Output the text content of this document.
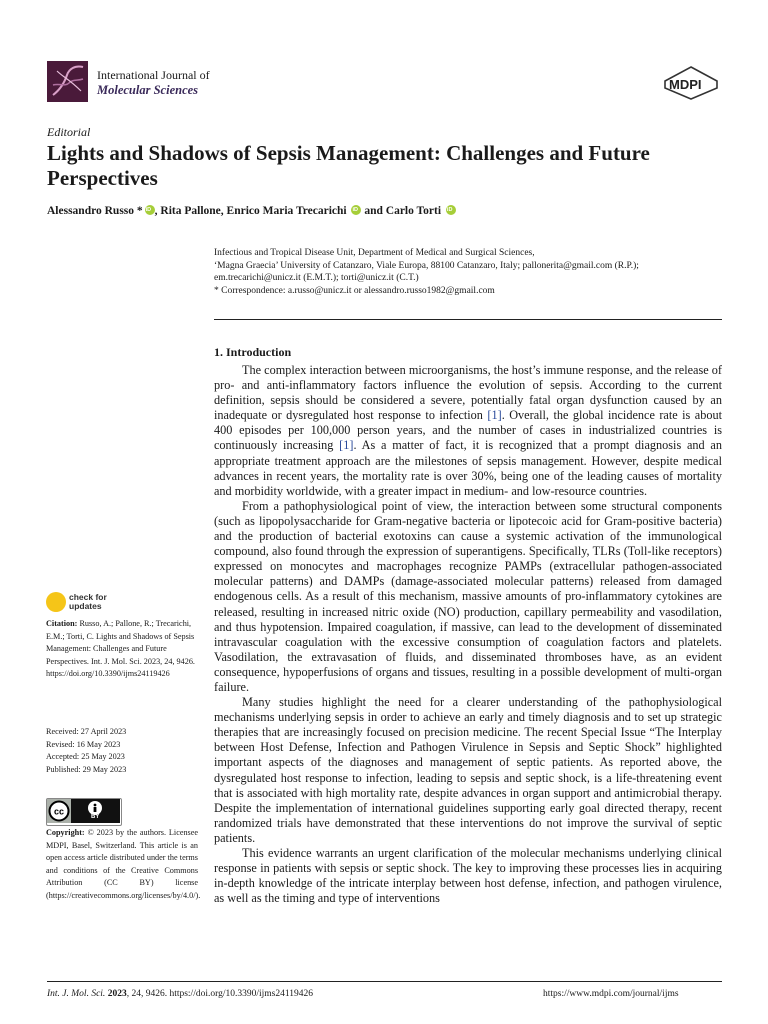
International Journal of
Molecular Sciences	MDPI
Editorial
Lights and Shadows of Sepsis Management: Challenges and Future Perspectives
Alessandro Russo *iD , Rita Pallone, Enrico Maria Trecarichi iD and Carlo Torti iD
Infectious and Tropical Disease Unit, Department of Medical and Surgical Sciences,
‘Magna Graecia’ University of Catanzaro, Viale Europa, 88100 Catanzaro, Italy; pallonerita@gmail.com (R.P.);
em.trecarichi@unicz.it (E.M.T.); torti@unicz.it (C.T.)
* Correspondence: a.russo@unicz.it or alessandro.russo1982@gmail.com
1. Introduction

The complex interaction between microorganisms, the host’s immune response, and the release of pro- and anti-inflammatory factors influence the evolution of sepsis. According to the current definition, sepsis should be considered a severe, potentially fatal organ dysfunction caused by an inadequate or dysregulated host response to infection [1]. Overall, the global incidence rate is about 400 episodes per 100,000 person years, and the number of cases in industrialized countries is continuously increasing [1]. As a matter of fact, it is recognized that a prompt diagnosis and an appropriate treatment approach are the milestones of sepsis management. However, despite medical advances in recent years, the mortality rate is over 30%, being one of the leading causes of mortality and morbidity worldwide, with a greater impact in medium- and low-resource countries.

From a pathophysiological point of view, the interaction between some structural components (such as lipopolysaccharide for Gram-negative bacteria or lipotecoic acid for Gram-positive bacteria) and the production of bacterial exotoxins can cause a systemic activation of the immunological compound, also found through the expression of superantigens. Specifically, TLRs (Toll-like receptors) expressed on monocytes and macrophages recognize PAMPs (extracellular pathogen-associated molecular patterns) and DAMPs (damage-associated molecular patterns) released from damaged endogenous cells. As a result of this mechanism, massive amounts of pro-inflammatory cytokines are released, resulting in increased nitric oxide (NO) production, capillary permeability and vasodilation, and thus hypotension. Impaired coagulation, if massive, can lead to the development of disseminated intravascular coagulation with the excessive consumption of coagulation factors and platelets. Vasodilation, the extravasation of fluids, and disseminated thromboses have, as an evident consequence, hypoperfusions of organs and tissues, resulting in a possible development of multi-organ failure.

Many studies highlight the need for a clearer understanding of the pathophysiological mechanisms underlying sepsis in order to achieve an early and timely diagnosis and to set up strategic therapies that are increasingly focused on precision medicine. The recent Special Issue “The Interplay between Host Defense, Infection and Pathogen Virulence in Sepsis and Septic Shock” highlighted important aspects of the diagnoses and management of septic patients. As reported above, the dysregulated host response to infection, leading to sepsis and septic shock, is a life-threatening event that is associated with high mortality rate, despite advances in organ support and antimicrobial therapy. Despite the implementation of international guidelines supporting early goal directed therapy, recent randomized trials have demonstrated that these interventions do not improve the survival of septic patients.

This evidence warrants an urgent clarification of the molecular mechanisms underlying clinical response in patients with sepsis or septic shock. The key to improving these processes lies in acquiring in-depth knowledge of the intricate interplay between host defense, infection, and pathogen virulence, as well as the timing and type of interventions

check for
updates
Citation: Russo, A.; Pallone, R.; Trecarichi, E.M.; Torti, C. Lights and Shadows of Sepsis Management: Challenges and Future Perspectives. Int. J. Mol. Sci. 2023, 24, 9426. https://doi.org/10.3390/ijms24119426
Received: 27 April 2023
Revised: 16 May 2023
Accepted: 25 May 2023
Published: 29 May 2023
cc
BY
Copyright: © 2023 by the authors. Licensee MDPI, Basel, Switzerland. This article is an open access article distributed under the terms and conditions of the Creative Commons Attribution (CC BY) license (https://creativecommons.org/licenses/by/4.0/).
Int. J. Mol. Sci. 2023, 24, 9426. https://doi.org/10.3390/ijms24119426	https://www.mdpi.com/journal/ijms
